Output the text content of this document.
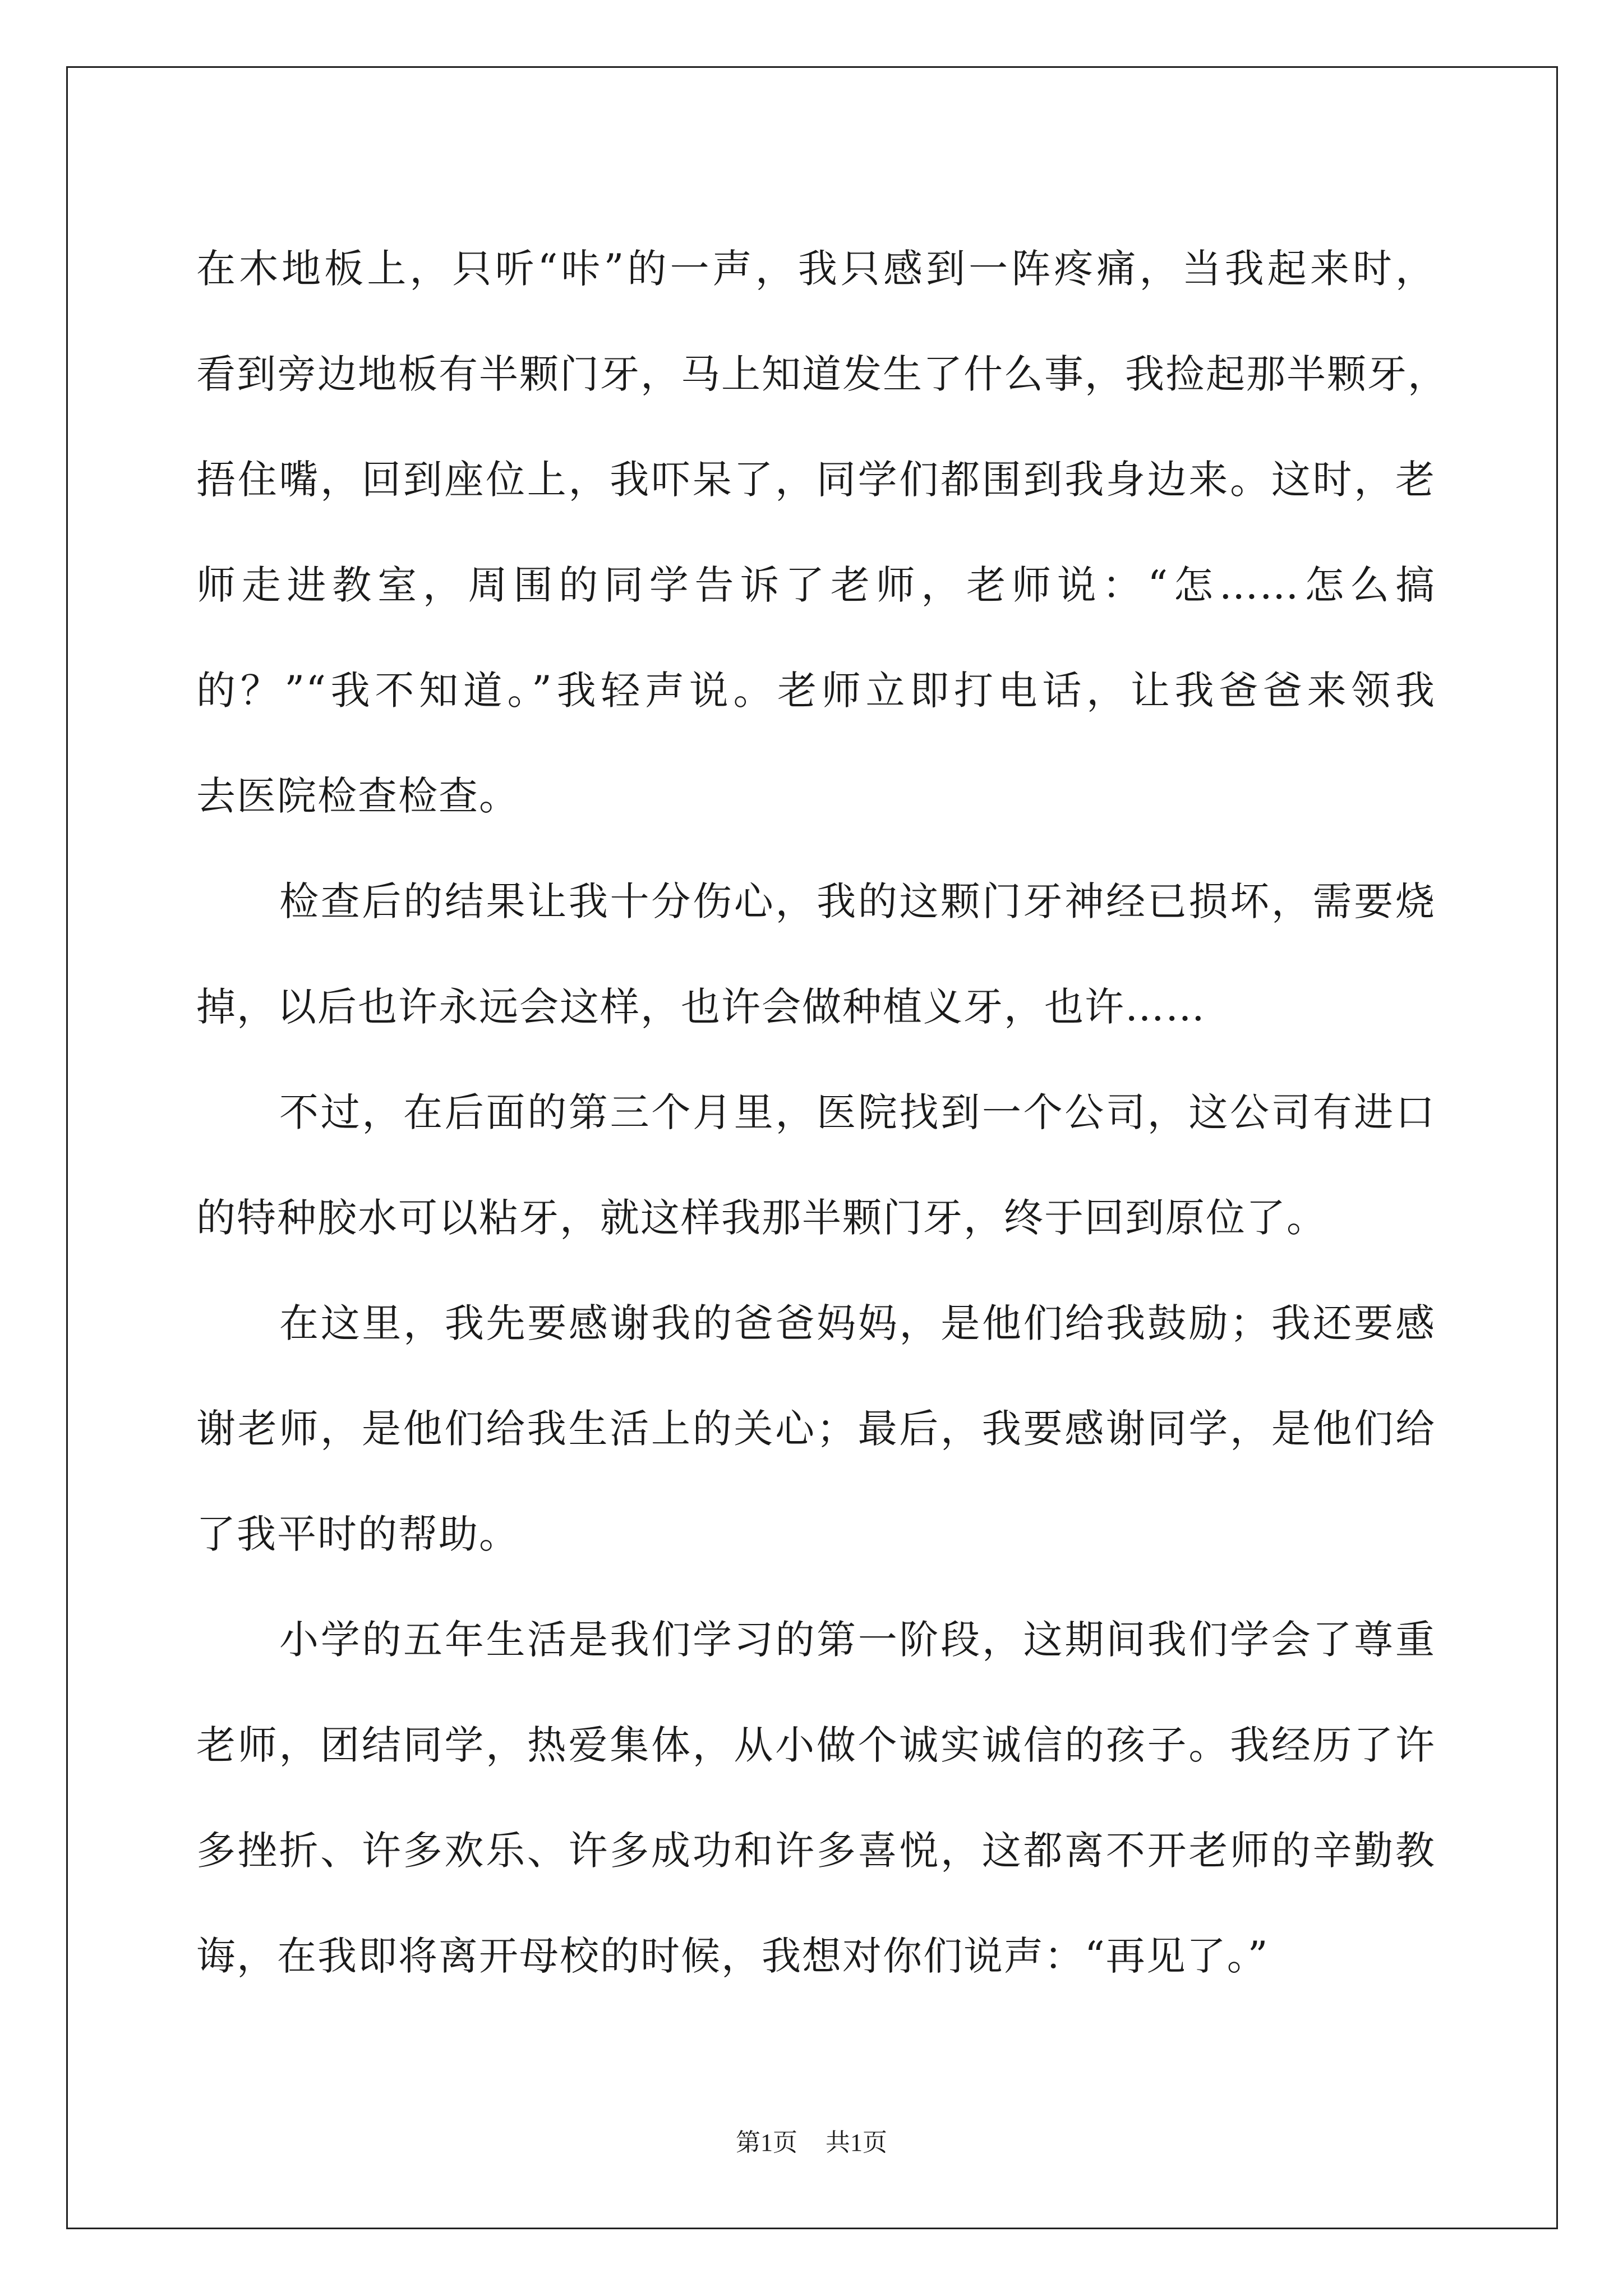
在木地板上，只听“咔”的一声，我只感到一阵疼痛，当我起来时，
看到旁边地板有半颗门牙，马上知道发生了什么事，我捡起那半颗牙，
捂住嘴，回到座位上，我吓呆了，同学们都围到我身边来。这时，老
师走进教室，周围的同学告诉了老师，老师说：“怎……怎么搞
的？”“我不知道。”我轻声说。老师立即打电话，让我爸爸来领我
去医院检查检查。
检查后的结果让我十分伤心，我的这颗门牙神经已损坏，需要烧
掉，以后也许永远会这样，也许会做种植义牙，也许……
不过，在后面的第三个月里，医院找到一个公司，这公司有进口
的特种胶水可以粘牙，就这样我那半颗门牙，终于回到原位了。
在这里，我先要感谢我的爸爸妈妈，是他们给我鼓励；我还要感
谢老师，是他们给我生活上的关心；最后，我要感谢同学，是他们给
了我平时的帮助。
小学的五年生活是我们学习的第一阶段，这期间我们学会了尊重
老师，团结同学，热爱集体，从小做个诚实诚信的孩子。我经历了许
多挫折、许多欢乐、许多成功和许多喜悦，这都离不开老师的辛勤教
诲，在我即将离开母校的时候，我想对你们说声：“再见了。”
第1页 共1页
